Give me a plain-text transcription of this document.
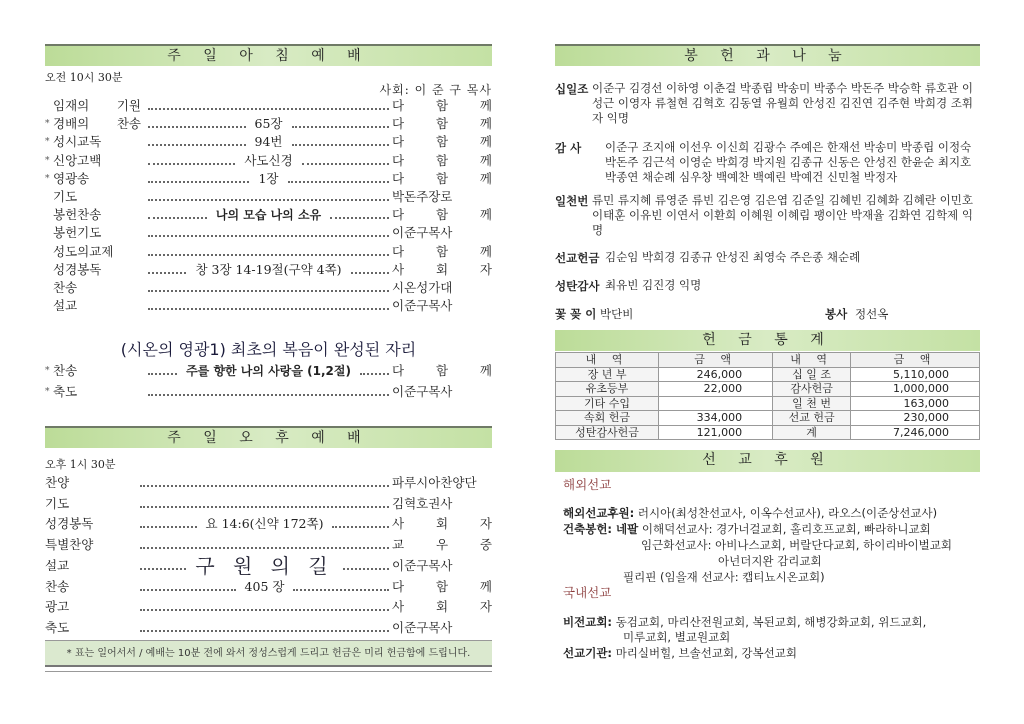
주 일 아 침 예 배
오전 10시 30분
사회: 이 준 구 목사
임재의 기원	다 함 께
* 경배의 찬송	65장	다 함 께
* 성시교독	94번	다 함 께
* 신앙고백	사도신경	다 함 께
* 영광송	1장	다 함 께
기도	박돈주장로
봉헌찬송	나의 모습 나의 소유	다 함 께
봉헌기도	이준구목사
성도의교제	다 함 께
성경봉독	창 3장 14-19절(구약 4쪽)	사 회 자
찬송	시온성가대
설교	이준구목사
(시온의 영광1) 최초의 복음이 완성된 자리
* 찬송	주를 향한 나의 사랑을 (1,2절)	다 함 께
* 축도	이준구목사
주 일 오 후 예 배
오후 1시 30분
찬양	파루시아찬양단
기도	김혁호권사
성경봉독	요 14:6(신약 172쪽)	사 회 자
특별찬양	교 우 중
설교	구 원 의 길	이준구목사
찬송	405 장	다 함 께
광고	사 회 자
축도	이준구목사
* 표는 일어서서 / 예배는 10분 전에 와서 정성스럽게 드리고 헌금은 미리 헌금함에 드립니다.
봉 헌 과 나 눔
십일조 이준구 김경선 이하영 이춘걸 박종립 박송미 박종수 박돈주 박승학 류호관 이성근 이영자 류철현 김혁호 김동열 유월희 안성진 김진연 김주현 박희경 조휘자 익명
감 사	이준구 조지애 이선우 이신희 김광수 주예은 한재선 박송미 박종립 이정숙 박돈주 김근석 이영순 박희경 박지원 김종규 신동은 안성진 한윤순 최지호 박종연 채순례 심우창 백예찬 백예린 박예건 신민철 박정자
일천번 류민 류지혜 류영준 류빈 김은영 김은엽 김준일 김혜빈 김혜화 김혜란 이민호 이태훈 이유빈 이연서 이환희 이혜원 이혜림 팽이안 박재율 김화연 김학제 익명
선교헌금 김순임 박희경 김종규 안성진 최영숙 주은종 채순례
성탄감사 최유빈 김진경 익명
꽃 꽂 이 박단비	봉사 정선옥
헌 금 통 계
내 역	금 액	내 역	금 액
장 년 부	246,000	십 일 조	5,110,000
유초등부	22,000	감사헌금	1,000,000
기타 수입		일 천 번	163,000
속회 헌금	334,000	선교 헌금	230,000
성탄감사헌금	121,000	계	7,246,000
선 교 후 원
해외선교
해외선교후원: 러시아(최성찬선교사, 이옥수선교사), 라오스(이준상선교사)
건축봉헌: 네팔 이해덕선교사: 경가너걸교회, 홀리호프교회, 빠라하니교회
임근화선교사: 아비나스교회, 버랄단다교회, 하이리바이벌교회
아넌더지완 감리교회
필리핀 (임을재 선교사: 캡티뇨시온교회)
국내선교
비전교회: 동검교회, 마리산전원교회, 복된교회, 해병강화교회, 위드교회,
미루교회, 별교원교회
선교기관: 마리실버힐, 브솔선교회, 강복선교회
